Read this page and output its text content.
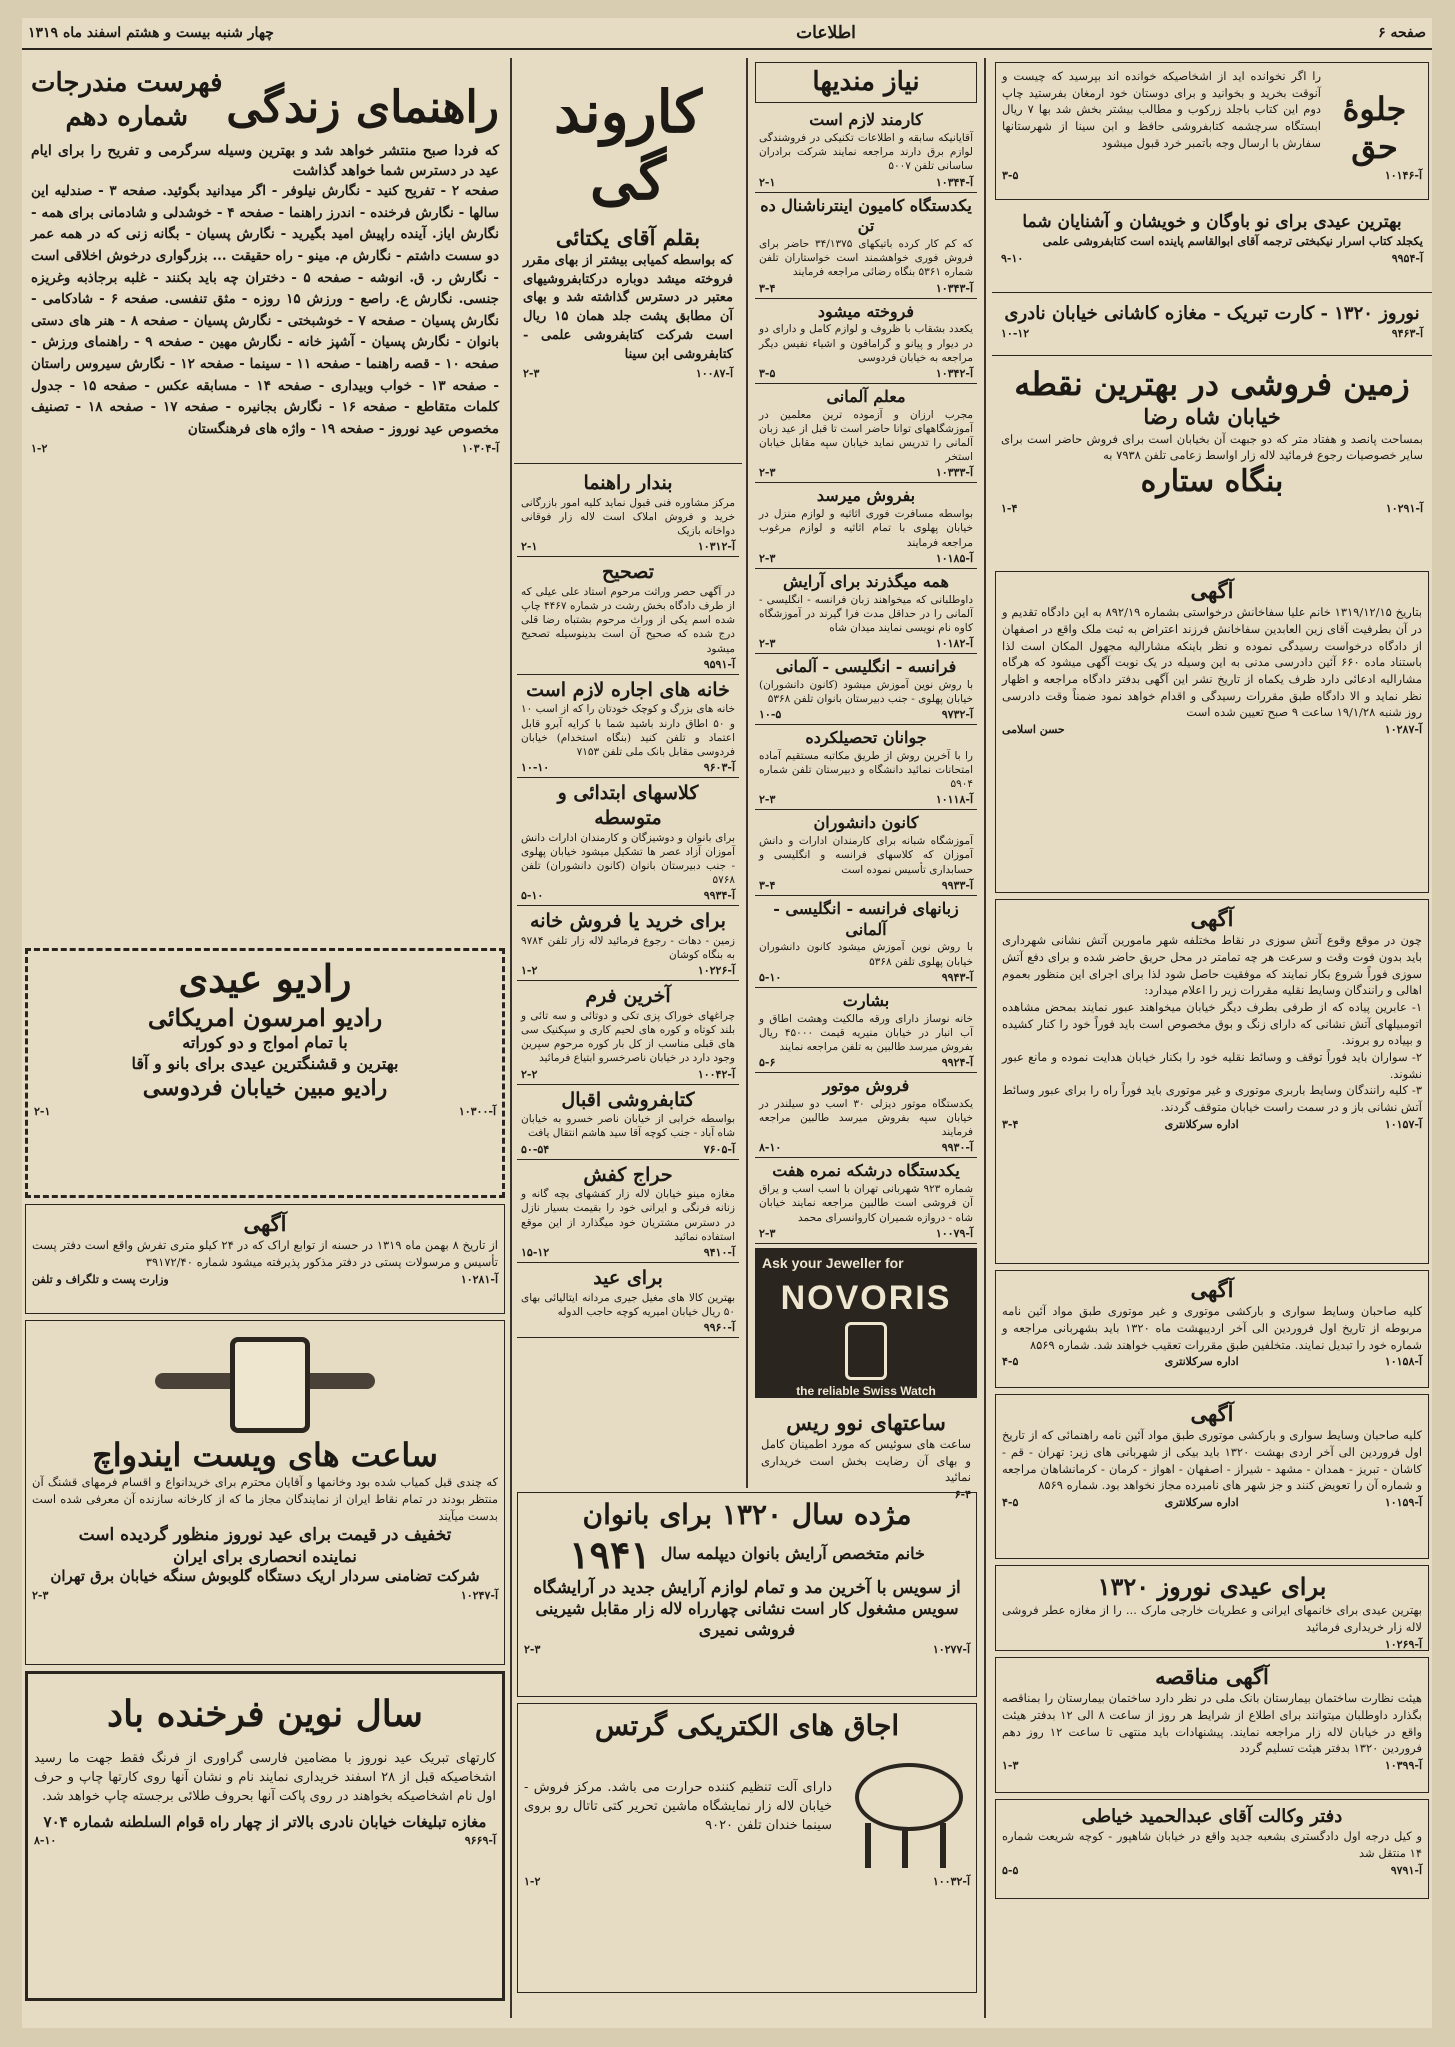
صفحه ۶
اطلاعات
چهار شنبه بیست و هشتم اسفند ماه ۱۳۱۹
جلوهٔ حق
را اگر نخوانده اید از اشخاصیکه خوانده اند بپرسید که چیست و آنوقت بخرید و بخوانید و برای دوستان خود ارمغان بفرستید چاپ دوم این کتاب باجلد زرکوب و مطالب بیشتر بخش شد بها ۷ ریال ابستگاه سرچشمه کتابفروشی حافظ و ابن سینا از شهرستانها سفارش با ارسال وجه باتمبر خرد قبول میشود
آ-۱۰۱۴۶
۳-۵
بهترین عیدی برای نو باوگان و خویشان و آشنایان شما
یکجلد کتاب اسرار نیکبختی ترجمه آقای ابوالقاسم پاینده است کتابفروشی علمی
آ-۹۹۵۴
۹-۱۰
نوروز ۱۳۲۰ - کارت تبریک - مغازه کاشانی خیابان نادری
آ-۹۴۶۳
۱۰-۱۲
زمین فروشی در بهترین نقطه
خیابان شاه رضا
بمساحت پانصد و هفتاد متر که دو جبهت آن بخیابان است برای فروش حاضر است برای سایر خصوصیات رجوع فرمائید لاله زار اواسط زعامی تلفن ۷۹۳۸ به
بنگاه ستاره
آ-۱۰۲۹۱
۱-۴
آگهی
بتاریخ ۱۳۱۹/۱۲/۱۵ خانم علیا سفاخانش درخواستی بشماره ۸۹۲/۱۹ به این دادگاه تقدیم و در آن بطرفیت آقای زین العابدین سفاخانش فرزند اعتراض به ثبت ملک واقع در اصفهان از دادگاه درخواست رسیدگی نموده و نظر باینکه مشارالیه مجهول المکان است لذا باستناد ماده ۶۶۰ آئین دادرسی مدنی به این وسیله در یک نوبت آگهی میشود که هرگاه مشارالیه ادعائی دارد ظرف یکماه از تاریخ نشر این آگهی بدفتر دادگاه مراجعه و اظهار نظر نماید و الا دادگاه طبق مقررات رسیدگی و اقدام خواهد نمود ضمناً وقت دادرسی روز شنبه ۱۹/۱/۲۸ ساعت ۹ صبح تعیین شده است
آ-۱۰۲۸۷
حسن اسلامی
آگهی
چون در موقع وقوع آتش سوزی در نقاط مختلفه شهر مامورین آتش نشانی شهرداری باید بدون فوت وقت و سرعت هر چه تمامتر در محل حریق حاضر شده و برای دفع آتش سوزی فوراً شروع بکار نمایند که موفقیت حاصل شود لذا برای اجرای این منظور بعموم اهالی و رانندگان وسایط نقلیه مقررات زیر را اعلام میدارد:
۱- عابرین پیاده که از طرفی بطرف دیگر خیابان میخواهند عبور نمایند بمحض مشاهده اتومبیلهای آتش نشانی که دارای زنگ و بوق مخصوص است باید فوراً خود را کنار کشیده و بپیاده رو بروند.
۲- سواران باید فوراً توقف و وسائط نقلیه خود را بکنار خیابان هدایت نموده و مانع عبور نشوند.
۳- کلیه رانندگان وسایط باربری موتوری و غیر موتوری باید فوراً راه را برای عبور وسائط آتش نشانی باز و در سمت راست خیابان متوقف گردند.
آ-۱۰۱۵۷
اداره سرکلانتری
۳-۴
آگهی
کلیه صاحبان وسایط سواری و بارکشی موتوری و غیر موتوری طبق مواد آئین نامه مربوطه از تاریخ اول فروردین الی آخر اردیبهشت ماه ۱۳۲۰ باید بشهربانی مراجعه و شماره خود را تبدیل نمایند. متخلفین طبق مقررات تعقیب خواهند شد. شماره ۸۵۶۹
آ-۱۰۱۵۸
اداره سرکلانتری
۴-۵
آگهی
کلیه صاحبان وسایط سواری و بارکشی موتوری طبق مواد آئین نامه راهنمائی که از تاریخ اول فروردین الی آخر اردی بهشت ۱۳۲۰ باید بیکی از شهربانی های زیر: تهران - قم - کاشان - تبریز - همدان - مشهد - شیراز - اصفهان - اهواز - کرمان - کرمانشاهان مراجعه و شماره آن را تعویض کنند و جز شهر های نامبرده مجاز نخواهد بود. شماره ۸۵۶۹
آ-۱۰۱۵۹
اداره سرکلانتری
۴-۵
برای عیدی نوروز ۱۳۲۰
بهترین عیدی برای خانمهای ایرانی و عطریات خارجی مارک ... را از مغازه عطر فروشی لاله زار خریداری فرمائید
آ-۱۰۲۶۹
آگهی مناقصه
هیئت نظارت ساختمان بیمارستان بانک ملی در نظر دارد ساختمان بیمارستان را بمناقصه بگذارد داوطلبان میتوانند برای اطلاع از شرایط هر روز از ساعت ۸ الی ۱۲ بدفتر هیئت واقع در خیابان لاله زار مراجعه نمایند. پیشنهادات باید منتهی تا ساعت ۱۲ روز دهم فروردین ۱۳۲۰ بدفتر هیئت تسلیم گردد
آ-۱۰۳۹۹
۱-۳
دفتر وکالت آقای عبدالحمید خیاطی
و کیل درجه اول دادگستری بشعبه جدید واقع در خیابان شاهپور - کوچه شریعت شماره ۱۴ منتقل شد
آ-۹۷۹۱
۵-۵
نیاز مندیها
کارمند لازم است
آقایانیکه سابقه و اطلاعات تکنیکی در فروشندگی لوازم برق دارند مراجعه نمایند شرکت برادران ساسانی تلفن ۵۰۰۷
آ-۱۰۳۴۴
۲-۱
یکدستگاه کامیون اینترناشنال ده تن
که کم کار کرده باتیکهای ۳۴/۱۳۷۵ حاضر برای فروش فوری خواهشمند است خواستاران تلفن شماره ۵۳۶۱ بنگاه رضائی مراجعه فرمایند
آ-۱۰۳۴۳
۳-۴
فروخته میشود
یکعدد بشقاب با ظروف و لوازم کامل و دارای دو در دیوار و پیانو و گرامافون و اشیاء نفیس دیگر مراجعه به خیابان فردوسی
آ-۱۰۳۴۲
۳-۵
معلم آلمانی
مجرب ارزان و آزموده ترین معلمین در آموزشگاههای توانا حاضر است تا قبل از عید زبان آلمانی را تدریس نماید خیابان سپه مقابل خیابان استخر
آ-۱۰۳۳۳
۲-۳
بفروش میرسد
بواسطه مسافرت فوری اثاثیه و لوازم منزل در خیابان پهلوی با تمام اثاثیه و لوازم مرغوب مراجعه فرمایند
آ-۱۰۱۸۵
۲-۳
همه میگذرند برای آرایش
داوطلبانی که میخواهند زبان فرانسه - انگلیسی - آلمانی را در حداقل مدت فرا گیرند در آموزشگاه کاوه نام نویسی نمایند میدان شاه
آ-۱۰۱۸۲
۲-۳
فرانسه - انگلیسی - آلمانی
با روش نوین آموزش میشود (کانون دانشوران) خیابان پهلوی - جنب دبیرستان بانوان تلفن ۵۳۶۸
آ-۹۷۳۲
۱۰-۵
جوانان تحصیلکرده
را با آخرین روش از طریق مکاتبه مستقیم آماده امتحانات نمائید دانشگاه و دبیرستان تلفن شماره ۵۹۰۴
آ-۱۰۱۱۸
۲-۳
کانون دانشوران
آموزشگاه شبانه برای کارمندان ادارات و دانش آموزان که کلاسهای فرانسه و انگلیسی و حسابداری تأسیس نموده است
آ-۹۹۳۳
۳-۴
زبانهای فرانسه - انگلیسی - آلمانی
با روش نوین آموزش میشود کانون دانشوران خیابان پهلوی تلفن ۵۳۶۸
آ-۹۹۴۳
۵-۱۰
بشارت
خانه نوساز دارای ورقه مالکیت وهشت اطاق و آب انبار در خیابان منیریه قیمت ۴۵۰۰۰ ریال بفروش میرسد طالبین به تلفن مراجعه نمایند
آ-۹۹۲۴
۵-۶
فروش موتور
یکدستگاه موتور دیزلی ۳۰ اسب دو سیلندر در خیابان سپه بفروش میرسد طالبین مراجعه فرمایند
آ-۹۹۳۰
۸-۱۰
یکدستگاه درشکه نمره هفت
شماره ۹۲۳ شهربانی تهران با اسب اسب و یراق آن فروشی است طالبین مراجعه نمایند خیابان شاه - دروازه شمیران کاروانسرای محمد
آ-۱۰۰۷۹
۲-۳
Ask your Jeweller for
NOVORIS
the reliable Swiss Watch
ساعتهای نوو ریس
ساعت های سوئیس که مورد اطمینان کامل و بهای آن رضایت بخش است خریداری نمائید
۶-۴
کاروند گی
بقلم آقای یکتائی
که بواسطه کمیابی بیشتر از بهای مقرر فروخته میشد دوباره درکتابفروشیهای معتبر در دسترس گذاشته شد و بهای آن مطابق پشت جلد همان ۱۵ ریال است شرکت کتابفروشی علمی - کتابفروشی ابن سینا
آ-۱۰۰۸۷
۲-۳
بندار راهنما
مرکز مشاوره فنی قبول نماید کلیه امور بازرگانی خرید و فروش املاک است لاله زار فوقانی دواخانه بازیک
آ-۱۰۳۱۲
۲-۱
تصحیح
در آگهی حصر وراثت مرحوم استاد علی عیلی که از طرف دادگاه بخش رشت در شماره ۴۴۶۷ چاپ شده اسم یکی از وراث مرحوم بشتباه رضا قلی درج شده که صحیح آن است بدینوسیله تصحیح میشود
آ-۹۵۹۱
خانه های اجاره لازم است
خانه های بزرگ و کوچک خودتان را که از اسب ۱۰ و ۵۰ اطاق دارند باشید شما با کرایه آبرو قابل اعتماد و تلفن کنید (بنگاه استخدام) خیابان فردوسی مقابل بانک ملی تلفن ۷۱۵۳
آ-۹۶۰۳
۱۰-۱۰
کلاسهای ابتدائی و متوسطه
برای بانوان و دوشیزگان و کارمندان ادارات دانش آموزان آزاد عصر ها تشکیل میشود خیابان پهلوی - جنب دبیرستان بانوان (کانون دانشوران) تلفن ۵۷۶۸
آ-۹۹۳۴
۵-۱۰
برای خرید یا فروش خانه
زمین - دهات - رجوع فرمائید لاله زار تلفن ۹۷۸۴ به بنگاه کوشان
آ-۱۰۲۲۶
۱-۲
آخرین فرم
چراغهای خوراک پزی تکی و دوتائی و سه تائی و بلند کوتاه و کوره های لحیم کاری و سپکنیک سی های قبلی مناسب از کل بار کوره مرحوم سپرین وجود دارد در خیابان ناصرخسرو ابتیاع فرمائید
آ-۱۰۰۴۲
۲-۲
کتابفروشی اقبال
بواسطه خرابی از خیابان ناصر خسرو به خیابان شاه آباد - جنب کوچه آقا سید هاشم انتقال یافت
آ-۷۶۰۵
۵۰-۵۴
حراج کفش
مغازه مینو خیابان لاله زار کفشهای بچه گانه و زنانه فرنگی و ایرانی خود را بقیمت بسیار نازل در دسترس مشتریان خود میگذارد از این موقع استفاده نمائید
آ-۹۴۱۰
۱۵-۱۲
برای عید
بهترین کالا های مغیل جیری مردانه ایتالیائی بهای ۵۰ ریال خیابان امیریه کوچه حاجب الدوله
آ-۹۹۶۰
راهنمای زندگی
فهرست مندرجات
شماره دهم
که فردا صبح منتشر خواهد شد و بهترین وسیله سرگرمی و تفریح را برای ایام عید در دسترس شما خواهد گذاشت
صفحه ۲ - تفریح کنید - نگارش نیلوفر - اگر میدانید بگوئید. صفحه ۳ - صندلیه این سالها - نگارش فرخنده - اندرز راهنما - صفحه ۴ - خوشدلی و شادمانی برای همه - نگارش ایاز. آینده راپیش امید بگیرید - نگارش پسیان - بگانه زنی که در همه عمر دو سست داشتم - نگارش م. مینو - راه حقیقت ... بزرگواری درخوش اخلاقی است - نگارش ر. ق. انوشه - صفحه ۵ - دختران چه باید بکنند - غلبه برجاذبه وغریزه جنسی. نگارش ع. راصع - ورزش ۱۵ روزه - مثق تنفسی. صفحه ۶ - شادکامی - نگارش پسیان - صفحه ۷ - خوشبختی - نگارش پسیان - صفحه ۸ - هنر های دستی بانوان - نگارش پسیان - آشپز خانه - نگارش مهین - صفحه ۹ - راهنمای ورزش - صفحه ۱۰ - قصه راهنما - صفحه ۱۱ - سینما - صفحه ۱۲ - نگارش سیروس راستان - صفحه ۱۳ - خواب وبیداری - صفحه ۱۴ - مسابقه عکس - صفحه ۱۵ - جدول کلمات متقاطع - صفحه ۱۶ - نگارش بجانیره - صفحه ۱۷ - صفحه ۱۸ - تصنیف مخصوص عید نوروز - صفحه ۱۹ - واژه های فرهنگستان
آ-۱۰۳۰۴
۱-۲
رادیو عیدی
رادیو امرسون امریکائی
با تمام امواج و دو کوراته
بهترین و قشنگترین عیدی برای بانو و آقا
رادیو مبین خیابان فردوسی
آ-۱۰۳۰۰
۲-۱
آگهی
از تاریخ ۸ بهمن ماه ۱۳۱۹ در حسنه از توابع اراک که در ۲۴ کیلو متری تفرش واقع است دفتر پست تأسیس و مرسولات پستی در دفتر مذکور پذیرفته میشود شماره ۳۹۱۷۲/۴۰
آ-۱۰۲۸۱
وزارت پست و تلگراف و تلفن
ساعت های ویست ایندواچ
که چندی قبل کمیاب شده بود وخانمها و آقایان محترم برای خریدانواع و اقسام فرمهای قشنگ آن منتظر بودند در تمام نقاط ایران از نمایندگان مجاز ما که از کارخانه سازنده آن معرفی شده است بدست میآیند
تخفیف در قیمت برای عید نوروز منظور گردیده است
نماینده انحصاری برای ایران
شرکت تضامنی سردار اریک دستگاه گلوبوش سنگه خیابان برق تهران
آ-۱۰۲۴۷
۲-۳
سال نوین فرخنده باد
کارتهای تبریک عید نوروز با مضامین فارسی گراوری از فرنگ فقط جهت ما رسید اشخاصیکه قبل از ۲۸ اسفند خریداری نمایند نام و نشان آنها روی کارتها چاپ و حرف اول نام اشخاصیکه بخواهند در روی پاکت آنها بحروف طلائی برجسته چاپ خواهد شد.
مغازه تبلیغات خیابان نادری بالاتر از چهار راه قوام السلطنه شماره ۷۰۴
آ-۹۶۶۹
۸-۱۰
مژده سال ۱۳۲۰ برای بانوان
خانم متخصص آرایش بانوان دیپلمه سال
۱۹۴۱
از سویس با آخرین مد و تمام لوازم آرایش جدید در آرایشگاه
سویس مشغول کار است نشانی چهارراه لاله زار مقابل شیرینی فروشی نمیری
آ-۱۰۲۷۷
۲-۳
اجاق های الکتریکی گرتس
دارای آلت تنظیم کننده حرارت می باشد. مرکز فروش - خیابان لاله زار نمایشگاه ماشین تحریر کتی تاتال رو بروی سینما خندان تلفن ۹۰۲۰
آ-۱۰۰۳۲
۱-۲
